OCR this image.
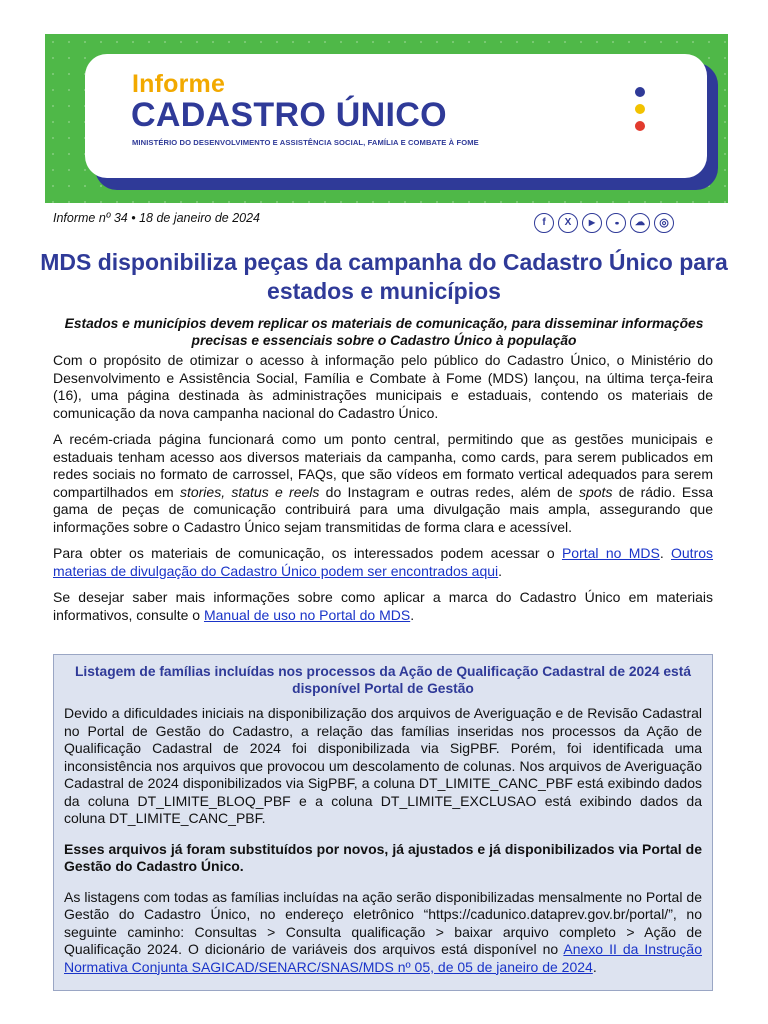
Informe
CADASTRO ÚNICO
MINISTÉRIO DO DESENVOLVIMENTO E ASSISTÊNCIA SOCIAL, FAMÍLIA E COMBATE À FOME
Informe nº 34 • 18 de janeiro de 2024	f	X	▶	••	☁	◎
MDS disponibiliza peças da campanha do Cadastro Único para estados e municípios
Estados e municípios devem replicar os materiais de comunicação, para disseminar informações precisas e essenciais sobre o Cadastro Único à população

Com o propósito de otimizar o acesso à informação pelo público do Cadastro Único, o Ministério do Desenvolvimento e Assistência Social, Família e Combate à Fome (MDS) lançou, na última terça-feira (16), uma página destinada às administrações municipais e estaduais, contendo os materiais de comunicação da nova campanha nacional do Cadastro Único.

A recém-criada página funcionará como um ponto central, permitindo que as gestões municipais e estaduais tenham acesso aos diversos materiais da campanha, como cards, para serem publicados em redes sociais no formato de carrossel, FAQs, que são vídeos em formato vertical adequados para serem compartilhados em stories, status e reels do Instagram e outras redes, além de spots de rádio. Essa gama de peças de comunicação contribuirá para uma divulgação mais ampla, assegurando que informações sobre o Cadastro Único sejam transmitidas de forma clara e acessível.

Para obter os materiais de comunicação, os interessados podem acessar o Portal no MDS. Outros materias de divulgação do Cadastro Único podem ser encontrados aqui.

Se desejar saber mais informações sobre como aplicar a marca do Cadastro Único em materiais informativos, consulte o Manual de uso no Portal do MDS.

Listagem de famílias incluídas nos processos da Ação de Qualificação Cadastral de 2024 está disponível Portal de Gestão

Devido a dificuldades iniciais na disponibilização dos arquivos de Averiguação e de Revisão Cadastral no Portal de Gestão do Cadastro, a relação das famílias inseridas nos processos da Ação de Qualificação Cadastral de 2024 foi disponibilizada via SigPBF. Porém, foi identificada uma inconsistência nos arquivos que provocou um descolamento de colunas. Nos arquivos de Averiguação Cadastral de 2024 disponibilizados via SigPBF, a coluna DT_LIMITE_CANC_PBF está exibindo dados da coluna DT_LIMITE_BLOQ_PBF e a coluna DT_LIMITE_EXCLUSAO está exibindo dados da coluna DT_LIMITE_CANC_PBF.

Esses arquivos já foram substituídos por novos, já ajustados e já disponibilizados via Portal de Gestão do Cadastro Único.

As listagens com todas as famílias incluídas na ação serão disponibilizadas mensalmente no Portal de Gestão do Cadastro Único, no endereço eletrônico “https://cadunico.dataprev.gov.br/portal/”, no seguinte caminho: Consultas > Consulta qualificação > baixar arquivo completo > Ação de Qualificação 2024. O dicionário de variáveis dos arquivos está disponível no Anexo II da Instrução Normativa Conjunta SAGICAD/SENARC/SNAS/MDS nº 05, de 05 de janeiro de 2024.
